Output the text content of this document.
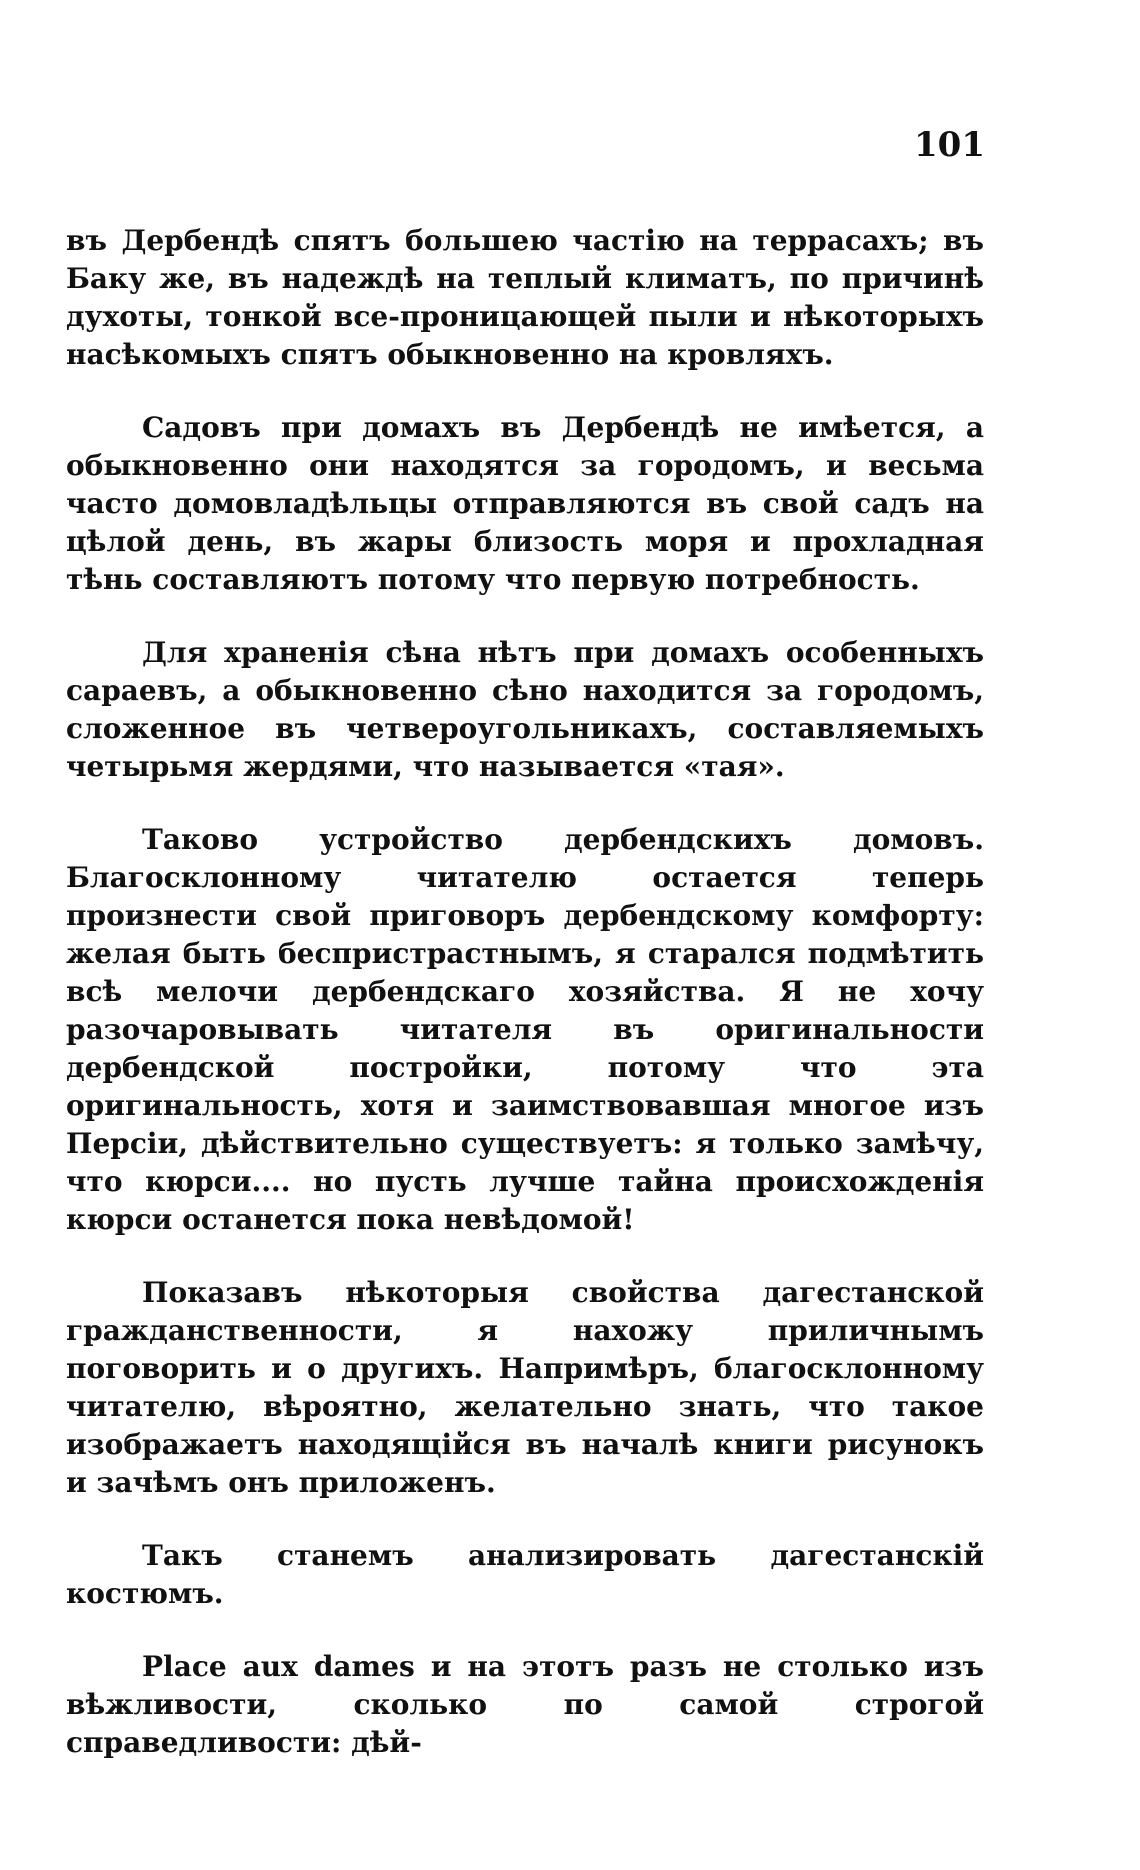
101

въ Дербендѣ спятъ большею частію на террасахъ; въ Баку же, въ надеждѣ на теплый климатъ, по причинѣ духоты, тонкой все-проницающей пыли и нѣкоторыхъ насѣкомыхъ спятъ обыкновенно на кровляхъ.

Садовъ при домахъ въ Дербендѣ не имѣется, а обыкновенно они находятся за городомъ, и весьма часто домовладѣльцы отправляются въ свой садъ на цѣлой день, въ жары близость моря и прохладная тѣнь составляютъ потому что первую потребность.

Для храненія сѣна нѣтъ при домахъ особенныхъ сараевъ, а обыкновенно сѣно находится за городомъ, сложенное въ четвероугольникахъ, составляемыхъ четырьмя жердями, что называется «тая».

Таково устройство дербендскихъ домовъ. Благосклонному читателю остается теперь произнести свой приговоръ дербендскому комфорту: желая быть беспристрастнымъ, я старался подмѣтить всѣ мелочи дербендскаго хозяйства. Я не хочу разочаровывать читателя въ оригинальности дербендской постройки, потому что эта оригинальность, хотя и заимствовавшая многое изъ Персіи, дѣйствительно существуетъ: я только замѣчу, что кюрси.... но пусть лучше тайна происхожденія кюрси останется пока невѣдомой!

Показавъ нѣкоторыя свойства дагестанской гражданственности, я нахожу приличнымъ поговорить и о другихъ. Напримѣръ, благосклонному читателю, вѣроятно, желательно знать, что такое изображаетъ находящійся въ началѣ книги рисунокъ и зачѣмъ онъ приложенъ.

Такъ станемъ анализировать дагестанскій костюмъ.

Place aux dames и на этотъ разъ не столько изъ вѣжливости, сколько по самой строгой справедливости: дѣй-
